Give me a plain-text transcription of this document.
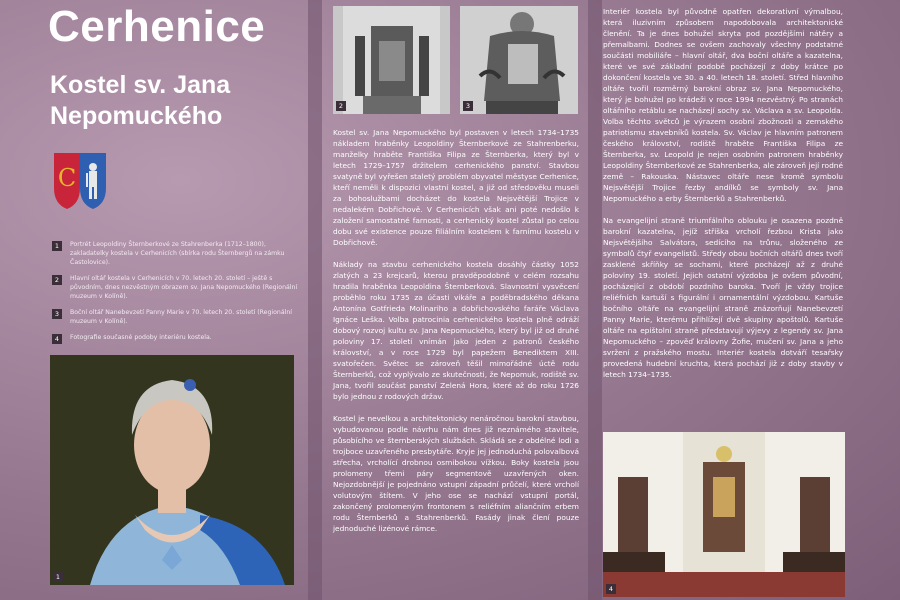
Cerhenice
Kostel sv. Jana Nepomuckého
C
1	Portrét Leopoldiny Šternberkové ze Stahrenberka (1712–1800), zakladatelky kostela v Cerhenicích (sbírka rodu Šternbergů na zámku Častolovice).
2	Hlavní oltář kostela v Cerhenicích v 70. letech 20. století – ještě s původním, dnes nezvěstným obrazem sv. Jana Nepomuckého (Regionální muzeum v Kolíně).
3	Boční oltář Nanebevzetí Panny Marie v 70. letech 20. století (Regionální muzeum v Kolíně).
4	Fotografie současné podoby interiéru kostela.
1
2	3

Kostel sv. Jana Nepomuckého byl postaven v letech 1734–1735 nákladem hraběnky Leopoldiny Šternberkové ze Stahrenberku, manželky hraběte Františka Filipa ze Šternberka, který byl v letech 1729–1757 držitelem cerhenického panství. Stavbou svatyně byl vyřešen staletý problém obyvatel městyse Cerhenice, kteří neměli k dispozici vlastní kostel, a již od středověku museli za bohoslužbami docházet do kostela Nejsvětější Trojice v nedalekém Dobřichově. V Cerhenicích však ani poté nedošlo k založení samostatné farnosti, a cerhenický kostel zůstal po celou dobu své existence pouze filiálním kostelem k farnímu kostelu v Dobřichově.

Náklady na stavbu cerhenického kostela dosáhly částky 1052 zlatých a 23 krejcarů, kterou pravděpodobně v celém rozsahu hradila hraběnka Leopoldina Šternberková. Slavnostní vysvěcení proběhlo roku 1735 za účasti vikáře a poděbradského děkana Antonína Gotfrieda Molinariho a dobřichovského faráře Václava Ignáce Leška. Volba patrocinia cerhenického kostela plně odráží dobový rozvoj kultu sv. Jana Nepomuckého, který byl již od druhé poloviny 17. století vnímán jako jeden z patronů českého království, a v roce 1729 byl papežem Benediktem XIII. svatořečen. Světec se zároveň těšil mimořádné úctě rodu Šternberků, což vyplývalo ze skutečnosti, že Nepomuk, rodiště sv. Jana, tvořil součást panství Zelená Hora, které až do roku 1726 bylo jednou z rodových držav.

Kostel je nevelkou a architektonicky nenáročnou barokní stavbou, vybudovanou podle návrhu nám dnes již neznámého stavitele, působícího ve šternberských službách. Skládá se z obdélné lodi a trojboce uzavřeného presbytáře. Kryje jej jednoduchá polovalbová střecha, vrcholící drobnou osmibokou vížkou. Boky kostela jsou prolomeny třemi páry segmentově uzavřených oken. Nejozdobnější je pojednáno vstupní západní průčelí, které vrcholí volutovým štítem. V jeho ose se nachází vstupní portál, zakončený prolomeným frontonem s reliéfním aliančním erbem rodu Šternberků a Stahrenberků. Fasády jinak člení pouze jednoduché lizénové rámce.

Interiér kostela byl původně opatřen dekorativní výmalbou, která iluzivním způsobem napodobovala architektonické členění. Ta je dnes bohužel skryta pod pozdějšími nátěry a přemalbami. Dodnes se ovšem zachovaly všechny podstatné součásti mobiliáře – hlavní oltář, dva boční oltáře a kazatelna, které ve své základní podobě pocházejí z doby krátce po dokončení kostela ve 30. a 40. letech 18. století. Střed hlavního oltáře tvořil rozměrný barokní obraz sv. Jana Nepomuckého, který je bohužel po krádeži v roce 1994 nezvěstný. Po stranách oltářního retáblu se nacházejí sochy sv. Václava a sv. Leopolda. Volba těchto světců je výrazem osobní zbožnosti a zemského patriotismu stavebníků kostela. Sv. Václav je hlavním patronem českého království, rodiště hraběte Františka Filipa ze Šternberka, sv. Leopold je nejen osobním patronem hraběnky Leopoldiny Šternberkové ze Stahrenberka, ale zároveň její rodné země – Rakouska. Nástavec oltáře nese kromě symbolu Nejsvětější Trojice řezby andílků se symboly sv. Jana Nepomuckého a erby Šternberků a Stahrenberků.

Na evangelijní straně triumfálního oblouku je osazena pozdně barokní kazatelna, jejíž stříška vrcholí řezbou Krista jako Nejsvětějšího Salvátora, sedícího na trůnu, složeného ze symbolů čtyř evangelistů. Středy obou bočních oltářů dnes tvoří zasklené skříňky se sochami, které pocházejí až z druhé poloviny 19. století. Jejich ostatní výzdoba je ovšem původní, pocházející z období pozdního baroka. Tvoří je vždy trojice reliéfních kartuší s figurální i ornamentální výzdobou. Kartuše bočního oltáře na evangelijní straně znázorňují Nanebevzetí Panny Marie, kterému přihlížejí dvě skupiny apoštolů. Kartuše oltáře na epištolní straně představují výjevy z legendy sv. Jana Nepomuckého – zpověď královny Žofie, mučení sv. Jana a jeho svržení z pražského mostu. Interiér kostela dotváří tesařsky provedená hudební kruchta, která pochází již z doby stavby v letech 1734–1735.

4
